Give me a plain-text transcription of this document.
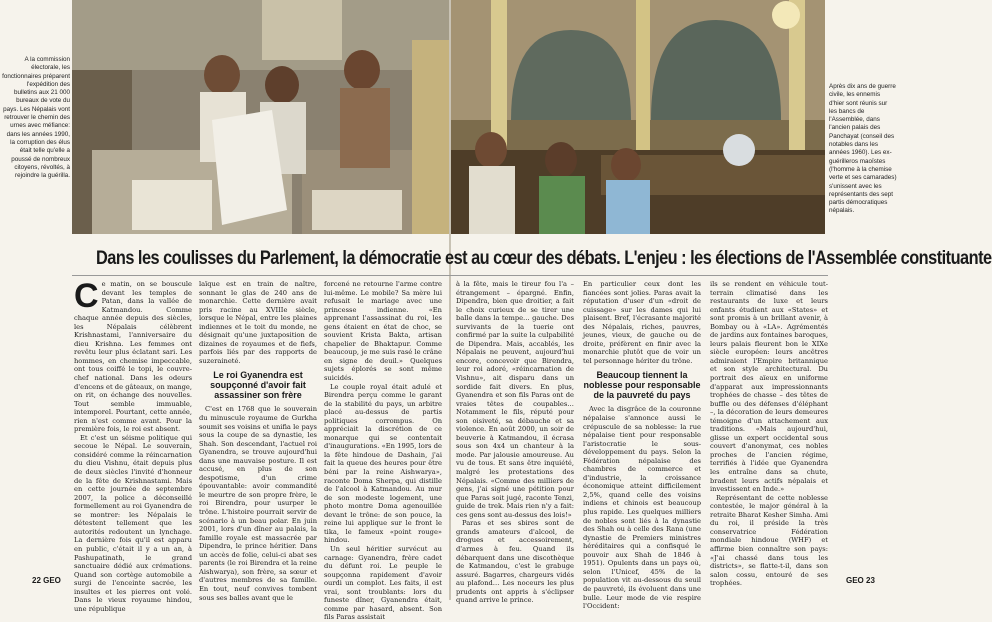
A la commission électorale, les fonctionnaires préparent l'expédition des bulletins aux 21 000 bureaux de vote du pays. Les Népalais vont retrouver le chemin des urnes avec méfiance: dans les années 1990, la corruption des élus était telle qu'elle a poussé de nombreux citoyens, révoltés, à rejoindre la guérilla.
Après dix ans de guerre civile, les ennemis d'hier sont réunis sur les bancs de l'Assemblée, dans l'ancien palais des Panchayat (conseil des notables dans les années 1960). Les ex-guérilleros maoïstes (l'homme à la chemise verte et ses camarades) s'unissent avec les représentants des sept partis démocratiques népalais.
Dans les coulisses du Parlement, la démocratie est au cœur des débats. L'enjeu : les élections de l'Assemblée constituante

Ce matin, on se bouscule devant les temples de Patan, dans la vallée de Katmandou. Comme chaque année depuis des siècles, les Népalais célèbrent Krishnastami, l'anniversaire du dieu Krishna. Les femmes ont revêtu leur plus éclatant sari. Les hommes, en chemise impeccable, ont tous coiffé le topi, le couvre-chef national. Dans les odeurs d'encens et de gâteaux, on mange, on rit, on échange des nouvelles. Tout semble immuable, intemporel. Pourtant, cette année, rien n'est comme avant. Pour la première fois, le roi est absent.

Et c'est un séisme politique qui secoue le Népal. Le souverain, considéré comme la réincarnation du dieu Vishnu, était depuis plus de deux siècles l'invité d'honneur de la fête de Krishnastami. Mais en cette journée de septembre 2007, la police a déconseillé formellement au roi Gyanendra de se montrer: les Népalais le détestent tellement que les autorités redoutent un lynchage. La dernière fois qu'il est apparu en public, c'était il y a un an, à Pashupatinath, le grand sanctuaire dédié aux crémations. Quand son cortège automobile a surgi de l'enceinte sacrée, les insultes et les pierres ont volé. Dans le vieux royaume hindou, une république

laïque est en train de naître, sonnant le glas de 240 ans de monarchie. Cette dernière avait pris racine au XVIIIe siècle, lorsque le Népal, entre les plaines indiennes et le toit du monde, ne désignait qu'une juxtaposition de dizaines de royaumes et de fiefs, parfois liés par des rapports de suzeraineté.

Le roi Gyanendra est soupçonné d'avoir fait assassiner son frère

C'est en 1768 que le souverain du minuscule royaume de Gurkha soumit ses voisins et unifia le pays sous la coupe de sa dynastie, les Shah. Son descendant, l'actuel roi Gyanendra, se trouve aujourd'hui dans une mauvaise posture. Il est accusé, en plus de son despotisme, d'un crime épouvantable: avoir commandité le meurtre de son propre frère, le roi Birendra, pour usurper le trône. L'histoire pourrait servir de scénario à un beau polar. En juin 2001, lors d'un dîner au palais, la famille royale est massacrée par Dipendra, le prince héritier. Dans un accès de folie, celui-ci abat ses parents (le roi Birendra et la reine Aishwarya), son frère, sa sœur et d'autres membres de sa famille. En tout, neuf convives tombent sous ses balles avant que le

forcené ne retourne l'arme contre lui-même. Le mobile? Sa mère lui refusait le mariage avec une princesse indienne. «En apprenant l'assassinat du roi, les gens étaient en état de choc, se souvient Krista Bakta, artisan chapelier de Bhaktapur. Comme beaucoup, je me suis rasé le crâne en signe de deuil.» Quelques sujets éplorés se sont même suicidés.

Le couple royal était adulé et Birendra perçu comme le garant de la stabilité du pays, un arbitre placé au-dessus de partis politiques corrompus. On appréciait la discrétion de ce monarque qui se contentait d'inaugurations. «En 1995, lors de la fête hindoue de Dashain, j'ai fait la queue des heures pour être béni par la reine Aishwarya», raconte Doma Sherpa, qui distille de l'alcool à Katmandou. Au mur de son modeste logement, une photo montre Doma agenouillée devant le trône: de son pouce, la reine lui applique sur le front le tika, le fameux «point rouge» hindou.

Un seul héritier survécut au carnage: Gyanendra, frère cadet du défunt roi. Le peuple le soupçonna rapidement d'avoir ourdi un complot. Les faits, il est vrai, sont troublants: lors du funeste dîner, Gyanendra était, comme par hasard, absent. Son fils Paras assistait

à la fête, mais le tireur fou l'a – étrangement – épargné. Enfin, Dipendra, bien que droitier, a fait le choix curieux de se tirer une balle dans la tempe… gauche. Des survivants de la tuerie ont confirmé par la suite la culpabilité de Dipendra. Mais, accablés, les Népalais ne peuvent, aujourd'hui encore, concevoir que Birendra, leur roi adoré, «réincarnation de Vishnu», ait disparu dans un sordide fait divers. En plus, Gyanendra et son fils Paras ont de vraies têtes de coupables… Notamment le fils, réputé pour son oisiveté, sa débauche et sa violence. En août 2000, un soir de beuverie à Katmandou, il écrasa sous son 4x4 un chanteur à la mode. Par jalousie amoureuse. Au vu de tous. Et sans être inquiété, malgré les protestations des Népalais. «Comme des milliers de gens, j'ai signé une pétition pour que Paras soit jugé, raconte Tenzi, guide de trek. Mais rien n'y a fait: ces gens sont au-dessus des lois!»

Paras et ses sbires sont de grands amateurs d'alcool, de drogues et accessoirement, d'armes à feu. Quand ils débarquent dans une discothèque de Katmandou, c'est le grabuge assuré. Bagarres, chargeurs vidés au plafond… Les noceurs les plus prudents ont appris à s'éclipser quand arrive le prince.

En particulier ceux dont les fiancées sont jolies. Paras avait la réputation d'user d'un «droit de cuissage» sur les dames qui lui plaisent. Bref, l'écrasante majorité des Népalais, riches, pauvres, jeunes, vieux, de gauche ou de droite, préfèrent en finir avec la monarchie plutôt que de voir un tel personnage hériter du trône.

Beaucoup tiennent la noblesse pour responsable de la pauvreté du pays

Avec la disgrâce de la couronne népalaise s'annonce aussi le crépuscule de sa noblesse: la rue népalaise tient pour responsable l'aristocratie le sous-développement du pays. Selon la Fédération népalaise des chambres de commerce et d'industrie, la croissance économique atteint difficilement 2,5%, quand celle des voisins indiens et chinois est beaucoup plus rapide. Les quelques milliers de nobles sont liés à la dynastie des Shah ou à celle des Rana (une dynastie de Premiers ministres héréditaires qui a confisqué le pouvoir aux Shah de 1846 à 1951). Opulents dans un pays où, selon l'Unicef, 45% de la population vit au-dessous du seuil de pauvreté, ils évoluent dans une bulle. Leur mode de vie respire l'Occident:

ils se rendent en véhicule tout-terrain climatisé dans les restaurants de luxe et leurs enfants étudient aux «States» et sont promis à un brillant avenir, à Bombay ou à «LA». Agrémentés de jardins aux fontaines baroques, leurs palais fleurent bon le XIXe siècle européen: leurs ancêtres admiraient l'Empire britannique et son style architectural. Du portrait des aïeux en uniforme d'apparat aux impressionnants trophées de chasse – des têtes de buffle ou des défenses d'éléphant –, la décoration de leurs demeures témoigne d'un attachement aux traditions. «Mais aujourd'hui, glisse un expert occidental sous couvert d'anonymat, ces nobles proches de l'ancien régime, terrifiés à l'idée que Gyanendra les entraîne dans sa chute, bradent leurs actifs népalais et investissent en Inde.»

Représentant de cette noblesse contestée, le major général à la retraite Bharat Kesher Simha. Ami du roi, il préside la très conservatrice Fédération mondiale hindoue (WHF) et affirme bien connaître son pays: «J'ai chassé dans tous les districts», se flatte-t-il, dans son salon cossu, entouré de ses trophées.

22 GEO	GEO 23
